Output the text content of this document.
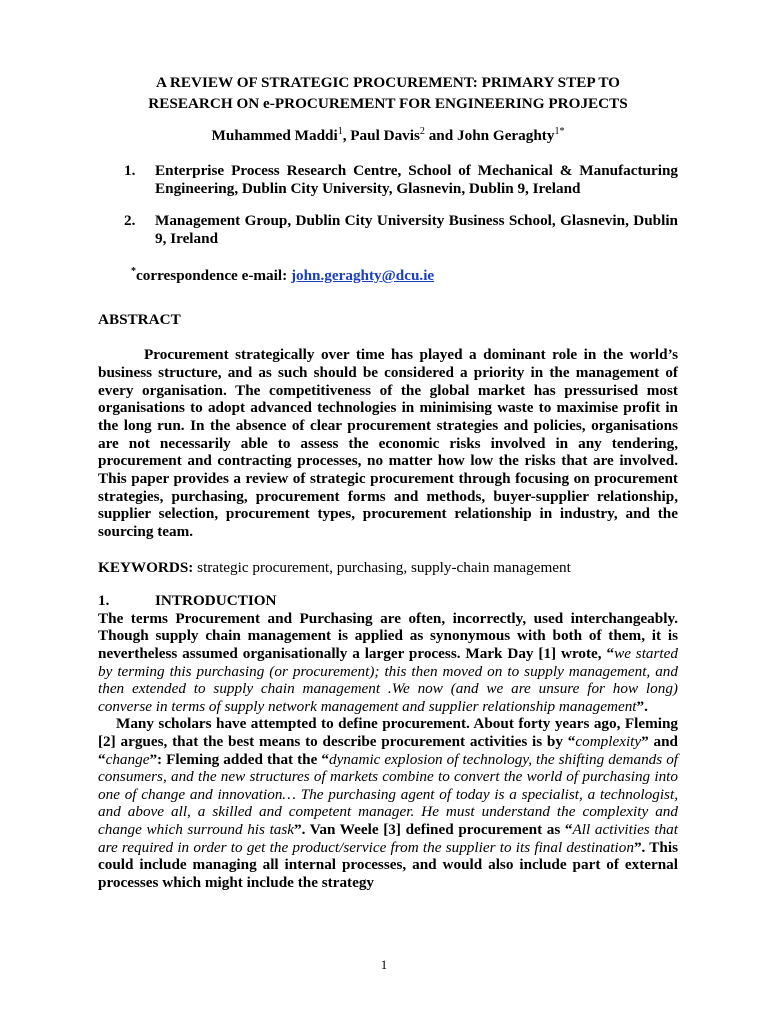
A REVIEW OF STRATEGIC PROCUREMENT: PRIMARY STEP TO
RESEARCH ON e-PROCUREMENT FOR ENGINEERING PROJECTS

Muhammed Maddi$^1$, Paul Davis$^2$ and John Geraghty$^{1*}$
1.	Enterprise Process Research Centre, School of Mechanical & Manufacturing Engineering, Dublin City University, Glasnevin, Dublin 9, Ireland
2.	Management Group, Dublin City University Business School, Glasnevin, Dublin 9, Ireland
*correspondence e-mail: john.geraghty@dcu.ie
ABSTRACT

Procurement strategically over time has played a dominant role in the world’s business structure, and as such should be considered a priority in the management of every organisation. The competitiveness of the global market has pressurised most organisations to adopt advanced technologies in minimising waste to maximise profit in the long run. In the absence of clear procurement strategies and policies, organisations are not necessarily able to assess the economic risks involved in any tendering, procurement and contracting processes, no matter how low the risks that are involved. This paper provides a review of strategic procurement through focusing on procurement strategies, purchasing, procurement forms and methods, buyer-supplier relationship, supplier selection, procurement types, procurement relationship in industry, and the sourcing team.

KEYWORDS: strategic procurement, purchasing, supply-chain management
1.	INTRODUCTION

The terms Procurement and Purchasing are often, incorrectly, used interchangeably. Though supply chain management is applied as synonymous with both of them, it is nevertheless assumed organisationally a larger process. Mark Day [1] wrote, “we started by terming this purchasing (or procurement); this then moved on to supply management, and then extended to supply chain management .We now (and we are unsure for how long) converse in terms of supply network management and supplier relationship management”.

Many scholars have attempted to define procurement. About forty years ago, Fleming [2] argues, that the best means to describe procurement activities is by “complexity” and “change”: Fleming added that the “dynamic explosion of technology, the shifting demands of consumers, and the new structures of markets combine to convert the world of purchasing into one of change and innovation… The purchasing agent of today is a specialist, a technologist, and above all, a skilled and competent manager. He must understand the complexity and change which surround his task”. Van Weele [3] defined procurement as “All activities that are required in order to get the product/service from the supplier to its final destination”. This could include managing all internal processes, and would also include part of external processes which might include the strategy

1
